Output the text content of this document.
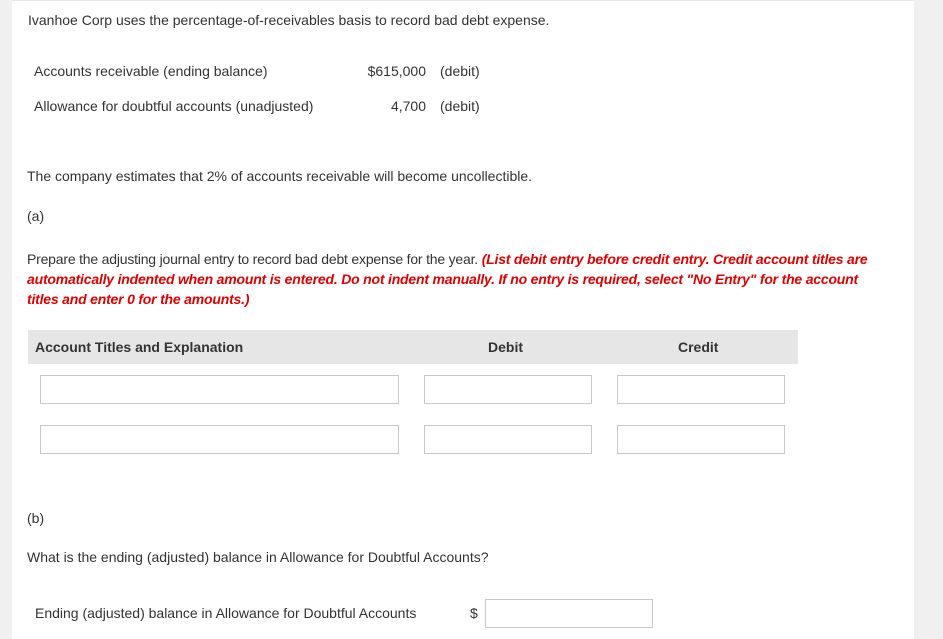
Ivanhoe Corp uses the percentage-of-receivables basis to record bad debt expense.
Accounts receivable (ending balance)	$615,000 (debit)
Allowance for doubtful accounts (unadjusted)	4,700 (debit)
The company estimates that 2% of accounts receivable will become uncollectible.
(a)
Prepare the adjusting journal entry to record bad debt expense for the year. (List debit entry before credit entry. Credit account titles are automatically indented when amount is entered. Do not indent manually. If no entry is required, select "No Entry" for the account titles and enter 0 for the amounts.)
Account Titles and Explanation	Debit	Credit
(b)
What is the ending (adjusted) balance in Allowance for Doubtful Accounts?
Ending (adjusted) balance in Allowance for Doubtful Accounts	$
